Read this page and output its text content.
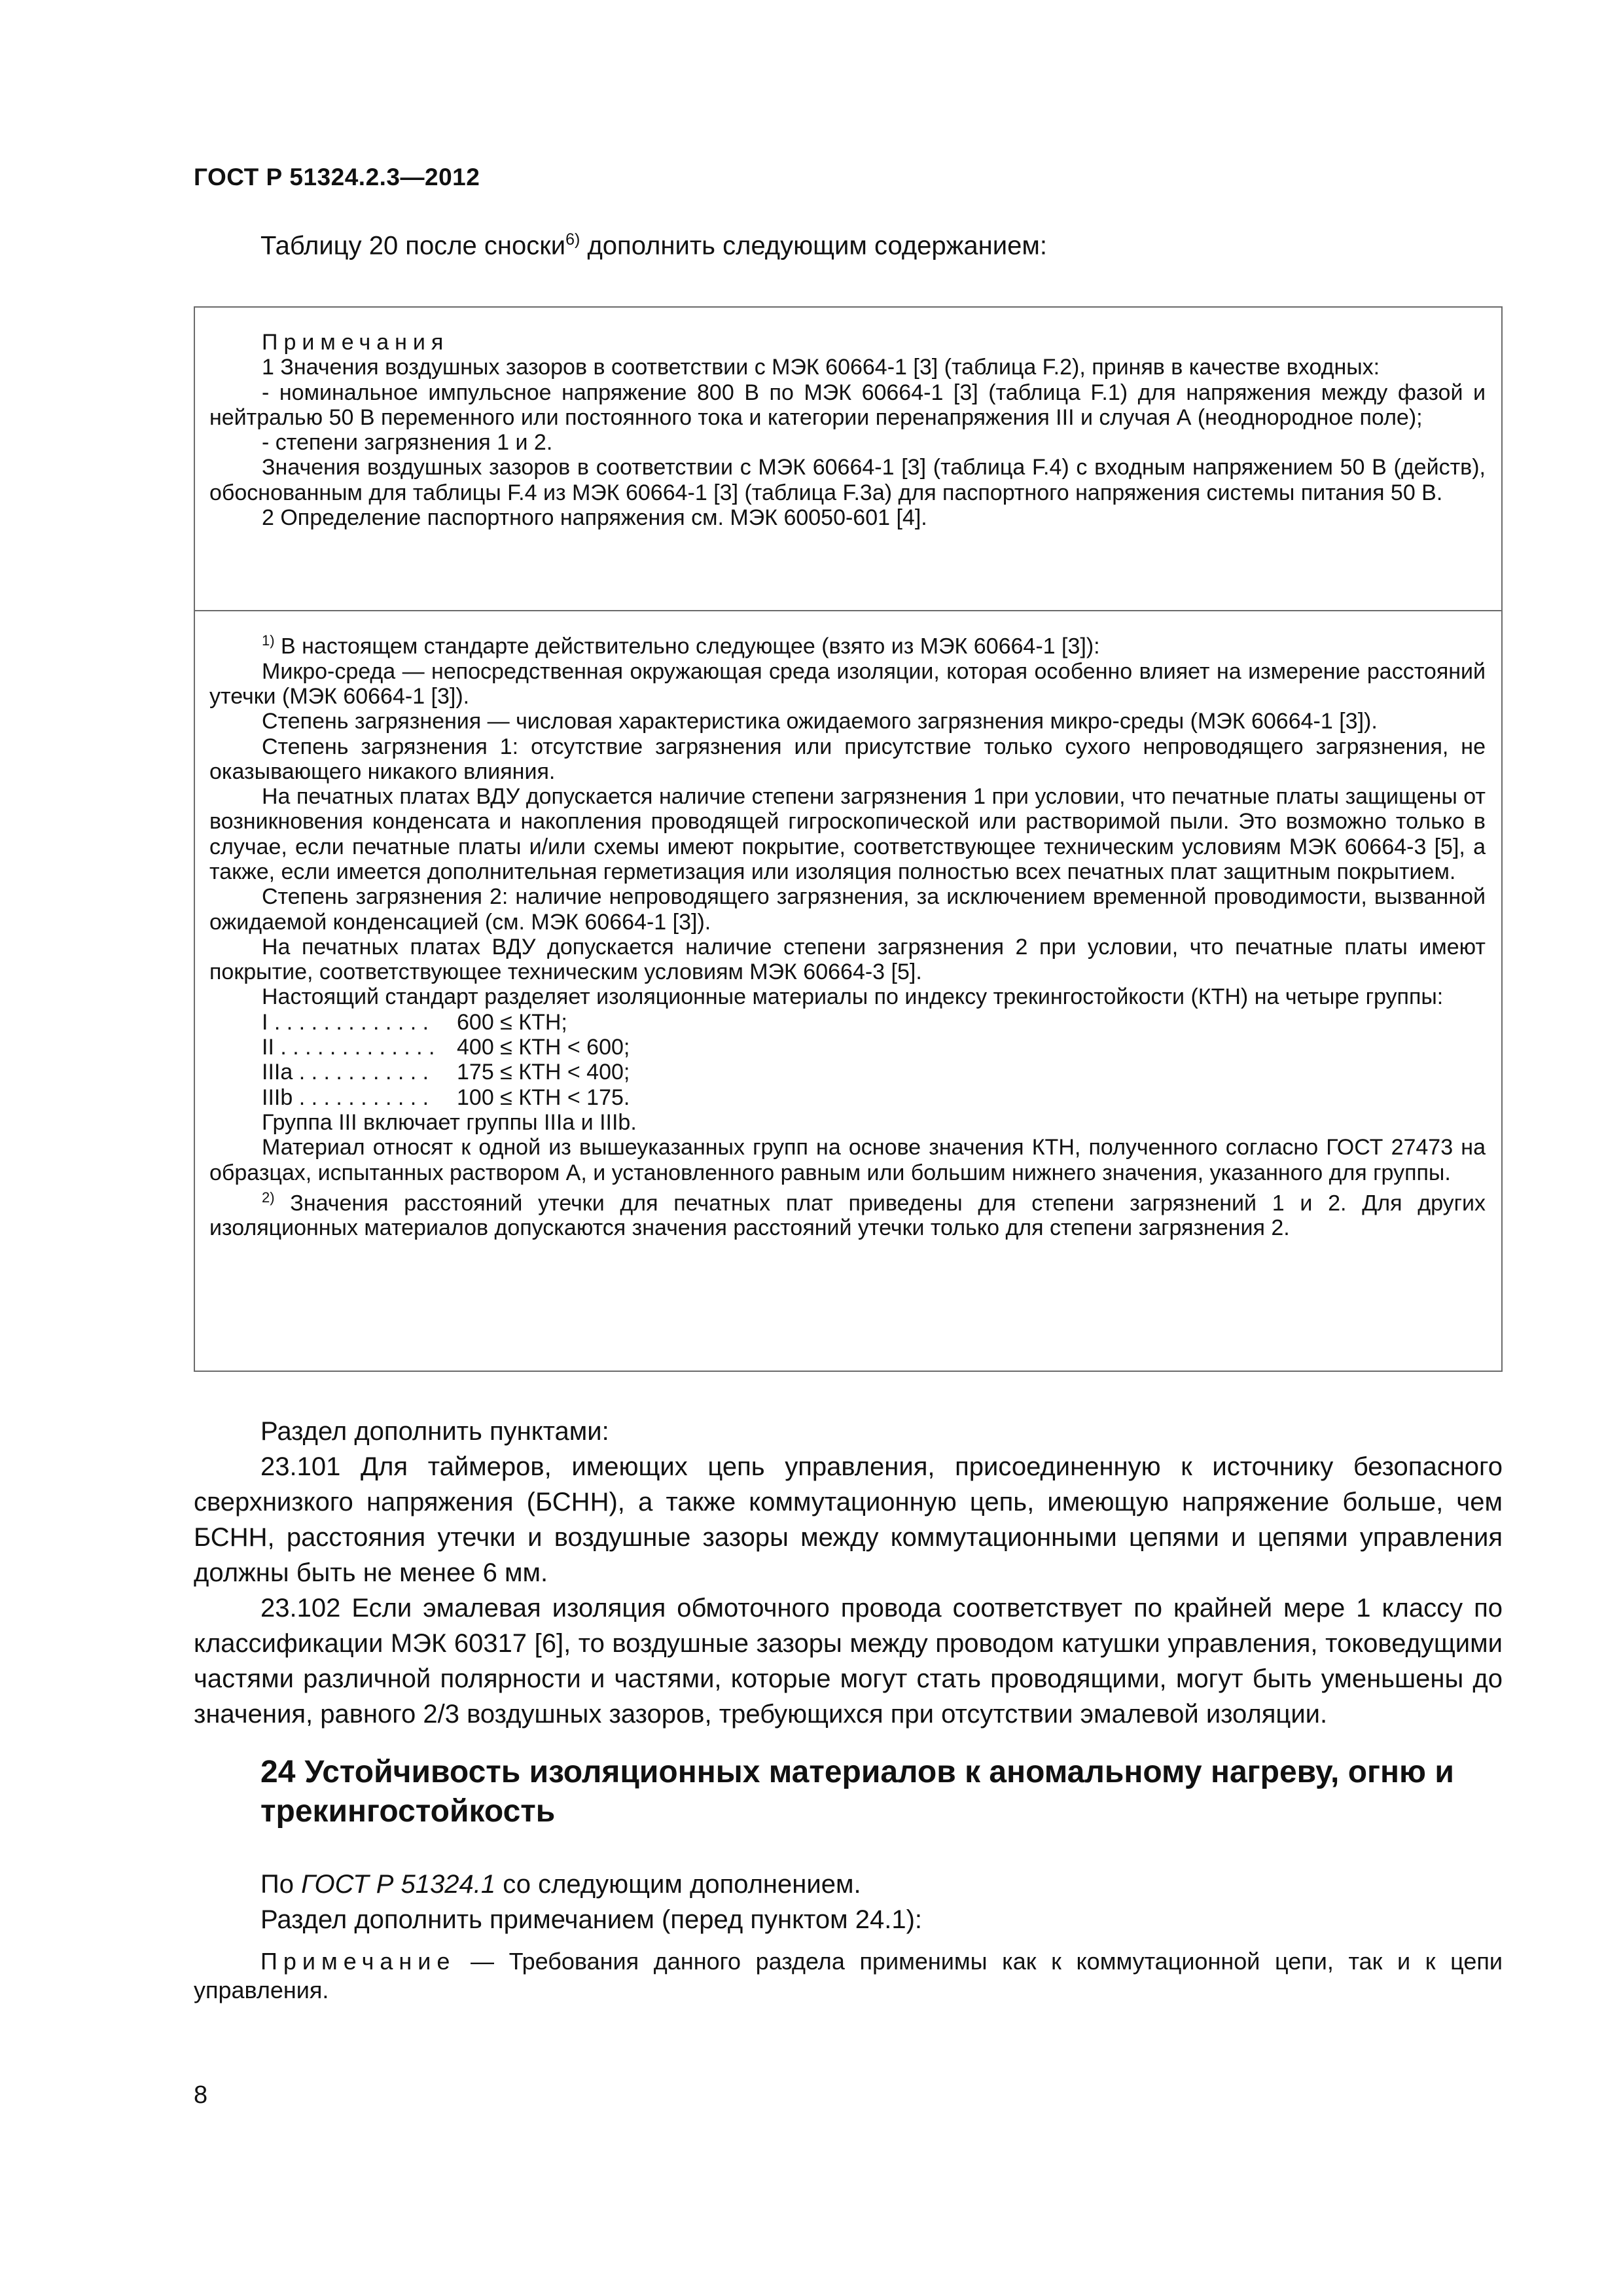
ГОСТ Р 51324.2.3—2012
Таблицу 20 после сноски$^{6)}$ дополнить следующим содержанием:

Примечания

1 Значения воздушных зазоров в соответствии с МЭК 60664-1 [3] (таблица F.2), приняв в качестве входных:

- номинальное импульсное напряжение 800 В по МЭК 60664-1 [3] (таблица F.1) для напряжения между фазой и нейтралью 50 В переменного или постоянного тока и категории перенапряжения III и случая А (неоднородное поле);

- степени загрязнения 1 и 2.

Значения воздушных зазоров в соответствии с МЭК 60664-1 [3] (таблица F.4) с входным напряжением 50 В (действ), обоснованным для таблицы F.4 из МЭК 60664-1 [3] (таблица F.3a) для паспортного напряжения системы питания 50 В.

2 Определение паспортного напряжения см. МЭК 60050-601 [4].

$^{1)}$ В настоящем стандарте действительно следующее (взято из МЭК 60664-1 [3]):

Микро-среда — непосредственная окружающая среда изоляции, которая особенно влияет на измерение расстояний утечки (МЭК 60664-1 [3]).

Степень загрязнения — числовая характеристика ожидаемого загрязнения микро-среды (МЭК 60664-1 [3]).

Степень загрязнения 1: отсутствие загрязнения или присутствие только сухого непроводящего загрязнения, не оказывающего никакого влияния.

На печатных платах ВДУ допускается наличие степени загрязнения 1 при условии, что печатные платы защищены от возникновения конденсата и накопления проводящей гигроскопической или растворимой пыли. Это возможно только в случае, если печатные платы и/или схемы имеют покрытие, соответствующее техническим условиям МЭК 60664-3 [5], а также, если имеется дополнительная герметизация или изоляция полностью всех печатных плат защитным покрытием.

Степень загрязнения 2: наличие непроводящего загрязнения, за исключением временной проводимости, вызванной ожидаемой конденсацией (см. МЭК 60664-1 [3]).

На печатных платах ВДУ допускается наличие степени загрязнения 2 при условии, что печатные платы имеют покрытие, соответствующее техническим условиям МЭК 60664-3 [5].

Настоящий стандарт разделяет изоляционные материалы по индексу трекингостойкости (КТН) на четыре группы:

I . . . . . . . . . . . . .	600 ≤ КТН;
II . . . . . . . . . . . . . 400 ≤ КТН < 600;
IIIa . . . . . . . . . . .	175 ≤ КТН < 400;
IIIb . . . . . . . . . . .	100 ≤ КТН < 175.

Группа III включает группы IIIa и IIIb.

Материал относят к одной из вышеуказанных групп на основе значения КТН, полученного согласно ГОСТ 27473 на образцах, испытанных раствором А, и установленного равным или большим нижнего значения, указанного для группы.

$^{2)}$ Значения расстояний утечки для печатных плат приведены для степени загрязнений 1 и 2. Для других изоляционных материалов допускаются значения расстояний утечки только для степени загрязнения 2.

Раздел дополнить пунктами:

23.101 Для таймеров, имеющих цепь управления, присоединенную к источнику безопасного сверхнизкого напряжения (БСНН), а также коммутационную цепь, имеющую напряжение больше, чем БСНН, расстояния утечки и воздушные зазоры между коммутационными цепями и цепями управления должны быть не менее 6 мм.

23.102 Если эмалевая изоляция обмоточного провода соответствует по крайней мере 1 классу по классификации МЭК 60317 [6], то воздушные зазоры между проводом катушки управления, токоведущими частями различной полярности и частями, которые могут стать проводящими, могут быть уменьшены до значения, равного 2/3 воздушных зазоров, требующихся при отсутствии эмалевой изоляции.

24 Устойчивость изоляционных материалов к аномальному нагреву, огню и трекингостойкость

По ГОСТ Р 51324.1 со следующим дополнением.

Раздел дополнить примечанием (перед пунктом 24.1):

Примечание — Требования данного раздела применимы как к коммутационной цепи, так и к цепи управления.

8
